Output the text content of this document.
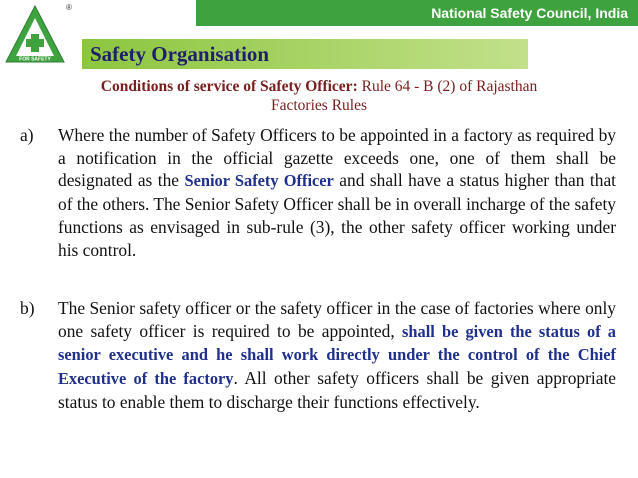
National Safety Council, India
FOR SAFETY
®
Safety Organisation
Conditions of service of Safety Officer: Rule 64 - B (2) of Rajasthan
Factories Rules
a) Where the number of Safety Officers to be appointed in a factory as required by a notification in the official gazette exceeds one, one of them shall be designated as the Senior Safety Officer and shall have a status higher than that of the others. The Senior Safety Officer shall be in overall incharge of the safety functions as envisaged in sub-rule (3), the other safety officer working under his control.
b) The Senior safety officer or the safety officer in the case of factories where only one safety officer is required to be appointed, shall be given the status of a senior executive and he shall work directly under the control of the Chief Executive of the factory. All other safety officers shall be given appropriate status to enable them to discharge their functions effectively.
